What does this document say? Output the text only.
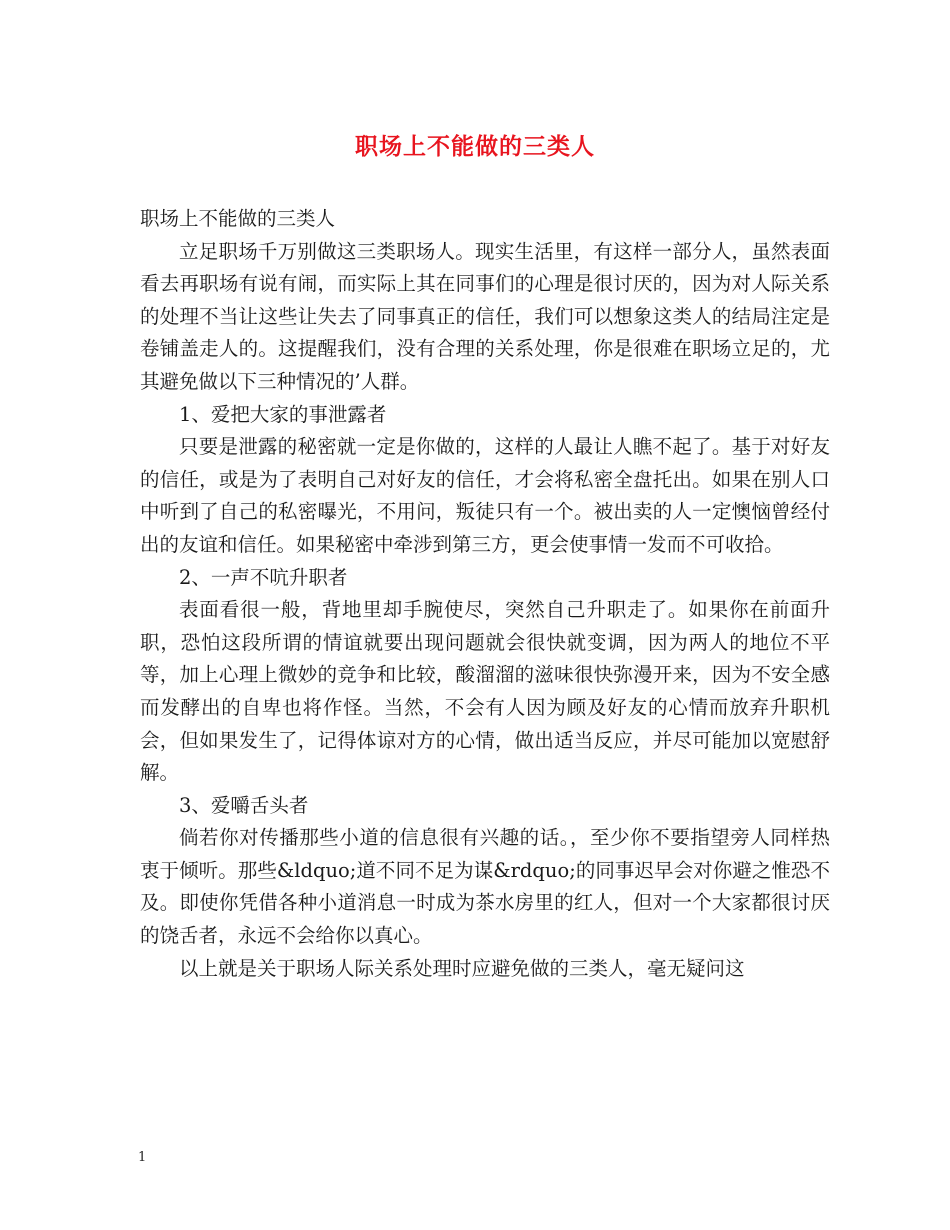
职场上不能做的三类人

职场上不能做的三类人

立足职场千万别做这三类职场人。现实生活里，有这样一部分人，虽然表面看去再职场有说有闹，而实际上其在同事们的心理是很讨厌的，因为对人际关系的处理不当让这些让失去了同事真正的信任，我们可以想象这类人的结局注定是卷铺盖走人的。这提醒我们，没有合理的关系处理，你是很难在职场立足的，尤其避免做以下三种情况的’人群。

1、爱把大家的事泄露者

只要是泄露的秘密就一定是你做的，这样的人最让人瞧不起了。基于对好友的信任，或是为了表明自己对好友的信任，才会将私密全盘托出。如果在别人口中听到了自己的私密曝光，不用问，叛徒只有一个。被出卖的人一定懊恼曾经付出的友谊和信任。如果秘密中牵涉到第三方，更会使事情一发而不可收拾。

2、一声不吭升职者

表面看很一般，背地里却手腕使尽，突然自己升职走了。如果你在前面升职，恐怕这段所谓的情谊就要出现问题就会很快就变调，因为两人的地位不平等，加上心理上微妙的竞争和比较，酸溜溜的滋味很快弥漫开来，因为不安全感而发酵出的自卑也将作怪。当然，不会有人因为顾及好友的心情而放弃升职机会，但如果发生了，记得体谅对方的心情，做出适当反应，并尽可能加以宽慰舒解。

3、爱嚼舌头者

倘若你对传播那些小道的信息很有兴趣的话。，至少你不要指望旁人同样热衷于倾听。那些&ldquo;道不同不足为谋&rdquo;的同事迟早会对你避之惟恐不及。即使你凭借各种小道消息一时成为茶水房里的红人，但对一个大家都很讨厌的饶舌者，永远不会给你以真心。

以上就是关于职场人际关系处理时应避免做的三类人，毫无疑问这

1
